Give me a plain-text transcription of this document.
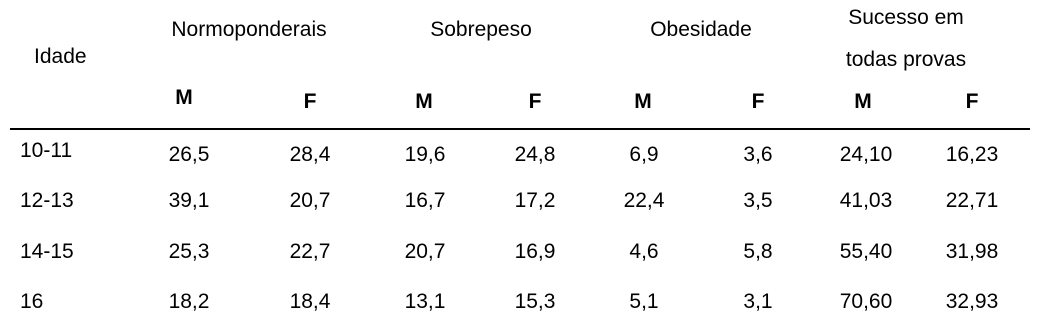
Idade
Normoponderais	Sobrepeso	Obesidade
Sucesso em
todas provas
M	F	M	F	M	F	M	F
10-11	26,5	28,4	19,6	24,8	6,9	3,6	24,10	16,23
12-13	39,1	20,7	16,7	17,2	22,4	3,5	41,03	22,71
14-15	25,3	22,7	20,7	16,9	4,6	5,8	55,40	31,98
16	18,2	18,4	13,1	15,3	5,1	3,1	70,60	32,93
